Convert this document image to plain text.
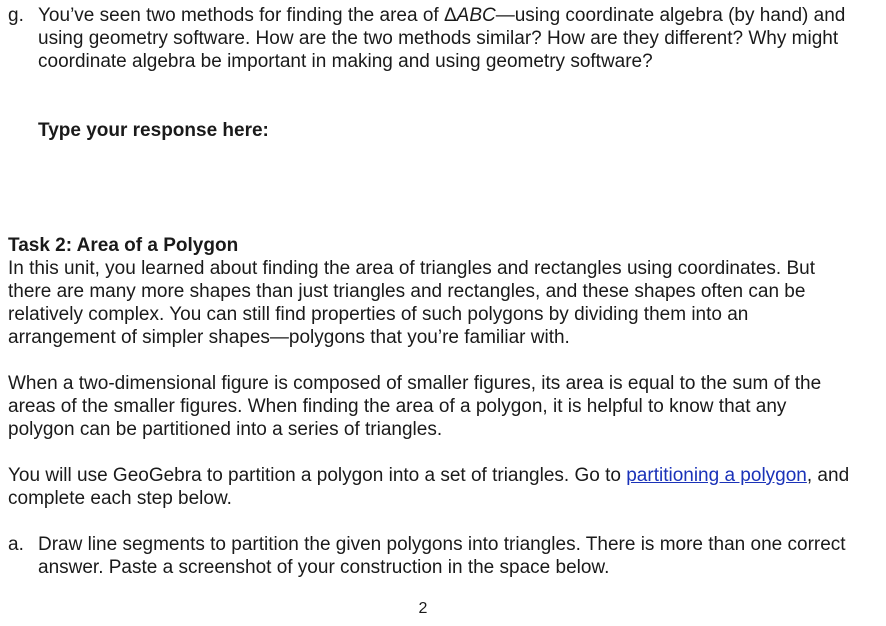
g. You’ve seen two methods for finding the area of ΔABC—using coordinate algebra (by hand) and using geometry software. How are the two methods similar? How are they different? Why might coordinate algebra be important in making and using geometry software?
Type your response here:
Task 2: Area of a Polygon
In this unit, you learned about finding the area of triangles and rectangles using coordinates. But there are many more shapes than just triangles and rectangles, and these shapes often can be relatively complex. You can still find properties of such polygons by dividing them into an arrangement of simpler shapes—polygons that you’re familiar with.
When a two-dimensional figure is composed of smaller figures, its area is equal to the sum of the areas of the smaller figures. When finding the area of a polygon, it is helpful to know that any polygon can be partitioned into a series of triangles.
You will use GeoGebra to partition a polygon into a set of triangles. Go to partitioning a polygon, and complete each step below.
a. Draw line segments to partition the given polygons into triangles. There is more than one correct answer. Paste a screenshot of your construction in the space below.
2
